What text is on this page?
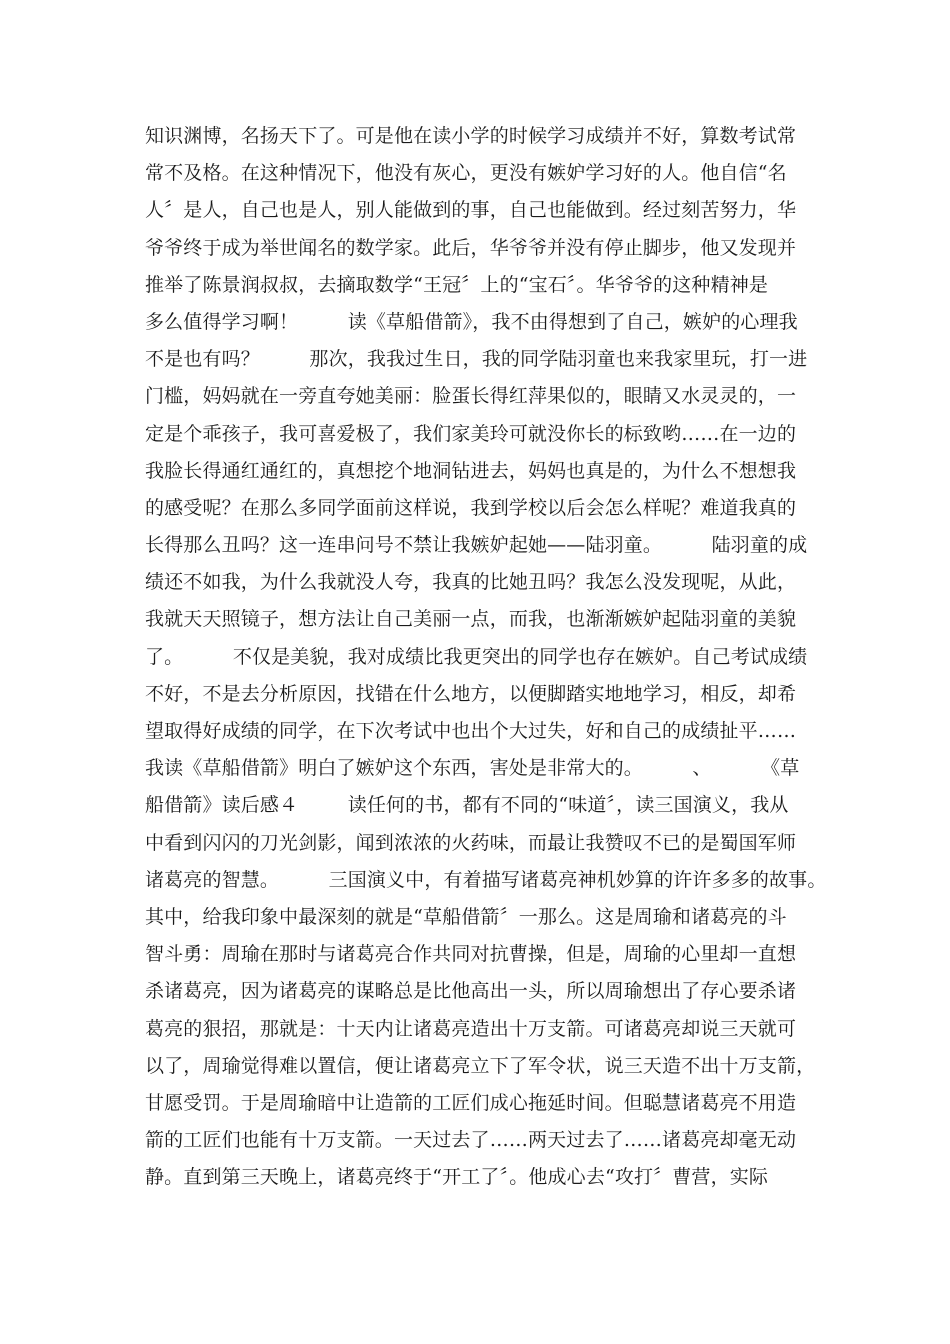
知识渊博，名扬天下了。可是他在读小学的时候学习成绩并不好，算数考试常
常不及格。在这种情况下，他没有灰心，更没有嫉妒学习好的人。他自信“名
人〞是人，自己也是人，别人能做到的事，自己也能做到。经过刻苦努力，华
爷爷终于成为举世闻名的数学家。此后，华爷爷并没有停止脚步，他又发现并
推举了陈景润叔叔，去摘取数学“王冠〞上的“宝石〞。华爷爷的这种精神是
多么值得学习啊！        读《草船借箭》，我不由得想到了自己，嫉妒的心理我
不是也有吗？        那次，我我过生日，我的同学陆羽童也来我家里玩，打一进
门槛，妈妈就在一旁直夸她美丽：脸蛋长得红萍果似的，眼睛又水灵灵的，一
定是个乖孩子，我可喜爱极了，我们家美玲可就没你长的标致哟……在一边的
我脸长得通红通红的，真想挖个地洞钻进去，妈妈也真是的，为什么不想想我
的感受呢？在那么多同学面前这样说，我到学校以后会怎么样呢？难道我真的
长得那么丑吗？这一连串问号不禁让我嫉妒起她——陆羽童。        陆羽童的成
绩还不如我，为什么我就没人夸，我真的比她丑吗？我怎么没发现呢，从此，
我就天天照镜子，想方法让自己美丽一点，而我，也渐渐嫉妒起陆羽童的美貌
了。        不仅是美貌，我对成绩比我更突出的同学也存在嫉妒。自己考试成绩
不好，不是去分析原因，找错在什么地方，以便脚踏实地地学习，相反，却希
望取得好成绩的同学，在下次考试中也出个大过失，好和自己的成绩扯平……
我读《草船借箭》明白了嫉妒这个东西，害处是非常大的。        、        《草
船借箭》读后感４        读任何的书，都有不同的“味道〞，读三国演义，我从
中看到闪闪的刀光剑影，闻到浓浓的火药味，而最让我赞叹不已的是蜀国军师
诸葛亮的智慧。        三国演义中，有着描写诸葛亮神机妙算的许许多多的故事。
其中，给我印象中最深刻的就是“草船借箭〞一那么。这是周瑜和诸葛亮的斗
智斗勇：周瑜在那时与诸葛亮合作共同对抗曹操，但是，周瑜的心里却一直想
杀诸葛亮，因为诸葛亮的谋略总是比他高出一头，所以周瑜想出了存心要杀诸
葛亮的狠招，那就是：十天内让诸葛亮造出十万支箭。可诸葛亮却说三天就可
以了，周瑜觉得难以置信，便让诸葛亮立下了军令状，说三天造不出十万支箭，
甘愿受罚。于是周瑜暗中让造箭的工匠们成心拖延时间。但聪慧诸葛亮不用造
箭的工匠们也能有十万支箭。一天过去了……两天过去了……诸葛亮却毫无动
静。直到第三天晚上，诸葛亮终于“开工了〞。他成心去“攻打〞曹营，实际
